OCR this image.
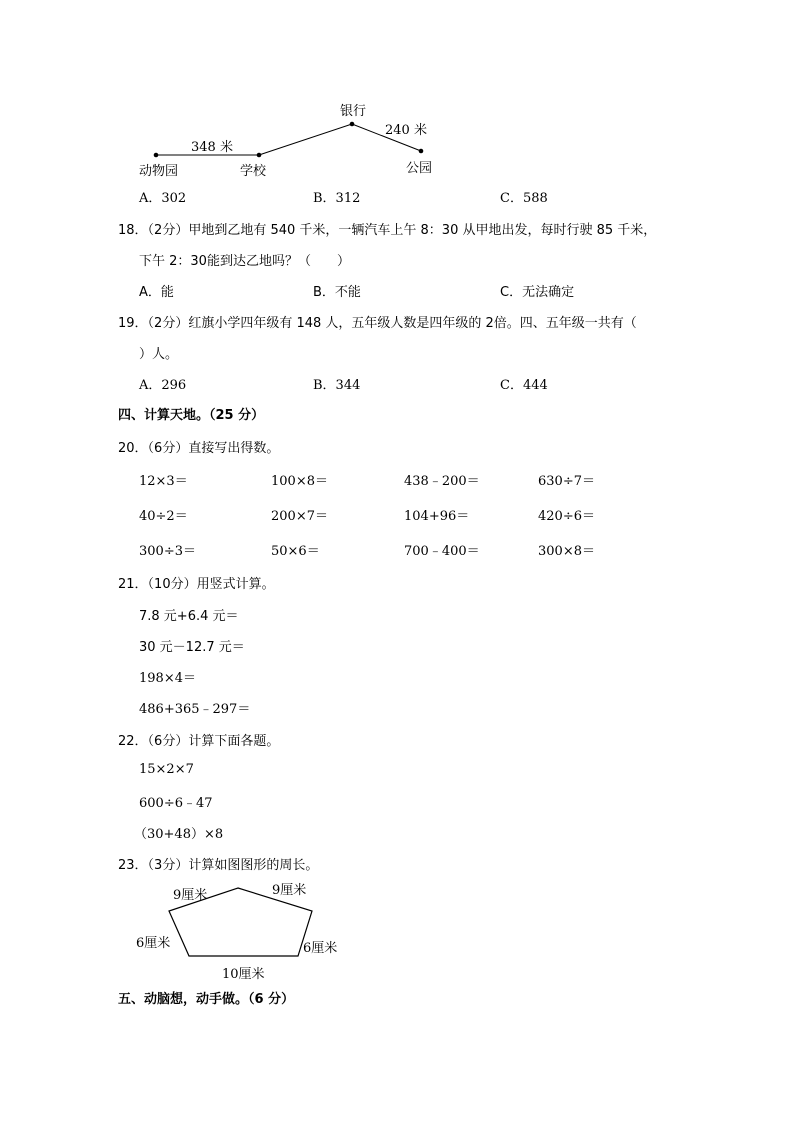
银行
348 米
240 米
动物园	学校	公园
A．302	B．312	C．588
18．（2分）甲地到乙地有 540 千米，一辆汽车上午 8：30 从甲地出发，每时行驶 85 千米，
下午 2：30能到达乙地吗？（　　）
A．能	B．不能	C．无法确定
19．（2分）红旗小学四年级有 148 人，五年级人数是四年级的 2倍。四、五年级一共有（
）人。
A．296	B．344	C．444
四、计算天地。（25 分）
20．（6分）直接写出得数。
12×3＝	100×8＝	438﹣200＝	630÷7＝
40÷2＝	200×7＝	104+96＝	420÷6＝
300÷3＝	50×6＝	700﹣400＝	300×8＝
21．（10分）用竖式计算。
7.8 元+6.4 元＝
30 元－12.7 元＝
198×4＝
486+365﹣297＝
22．（6分）计算下面各题。
15×2×7
600÷6﹣47
（30+48）×8
23．（3分）计算如图图形的周长。
9厘米	9厘米
6厘米	6厘米
10厘米
五、动脑想，动手做。（6 分）
